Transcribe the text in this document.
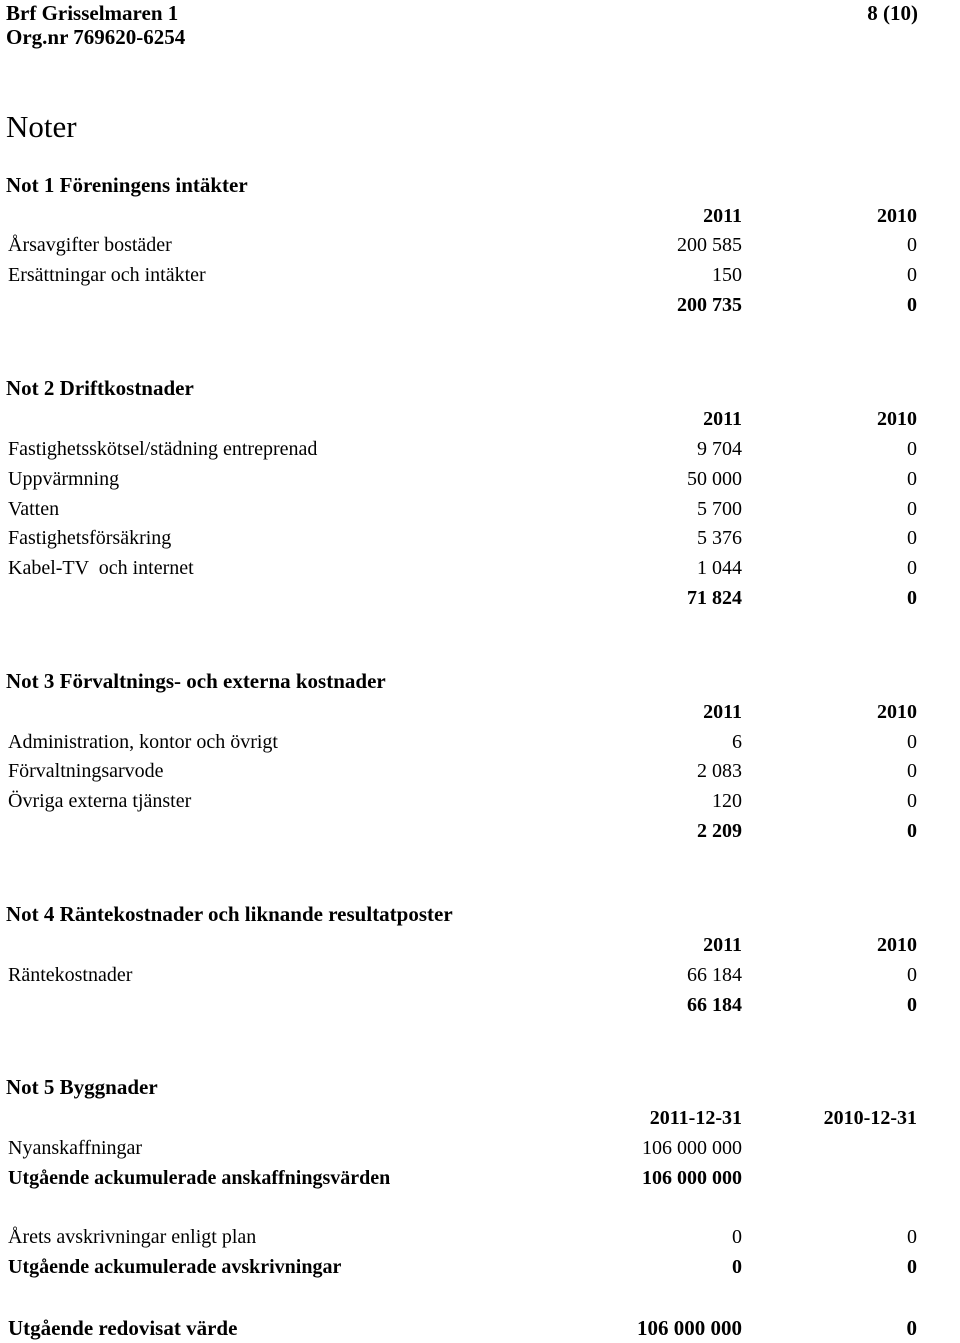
Brf Grisselmaren 1
Org.nr 769620-6254
8 (10)
Noter
Not 1 Föreningens intäkter
2011	2010
Årsavgifter bostäder	200 585	0
Ersättningar och intäkter	150	0
200 735	0
Not 2 Driftkostnader
2011	2010
Fastighetsskötsel/städning entreprenad	9 704	0
Uppvärmning	50 000	0
Vatten	5 700	0
Fastighetsförsäkring	5 376	0
Kabel-TV  och internet	1 044	0
71 824	0
Not 3 Förvaltnings- och externa kostnader
2011	2010
Administration, kontor och övrigt	6	0
Förvaltningsarvode	2 083	0
Övriga externa tjänster	120	0
2 209	0
Not 4 Räntekostnader och liknande resultatposter
2011	2010
Räntekostnader	66 184	0
66 184	0
Not 5 Byggnader
2011-12-31	2010-12-31
Nyanskaffningar	106 000 000
Utgående ackumulerade anskaffningsvärden	106 000 000
Årets avskrivningar enligt plan	0	0
Utgående ackumulerade avskrivningar	0	0
Utgående redovisat värde	106 000 000	0
